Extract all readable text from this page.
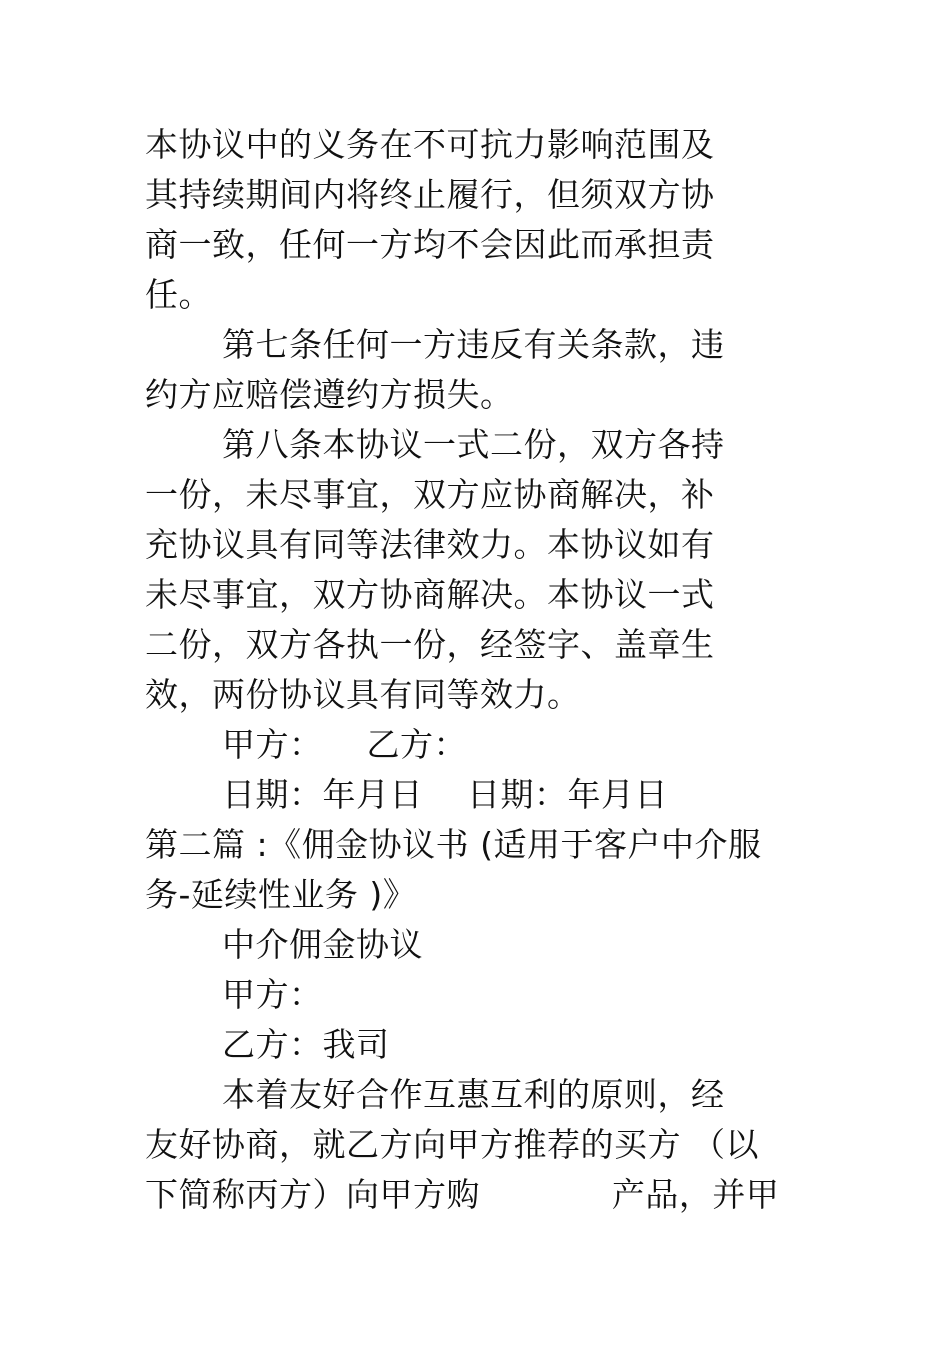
本协议中的义务在不可抗力影响范围及
其持续期间内将终止履行，但须双方协
商一致，任何一方均不会因此而承担责
任。
第七条任何一方违反有关条款，违
约方应赔偿遵约方损失。
第八条本协议一式二份，双方各持
一份，未尽事宜，双方应协商解决，补
充协议具有同等法律效力。本协议如有
未尽事宜，双方协商解决。本协议一式
二份，双方各执一份，经签字、盖章生
效，两份协议具有同等效力。
甲方：    乙方：
日期：年月日    日期：年月日
第二篇 :《佣金协议书 (适用于客户中介服
务-延续性业务 )》
中介佣金协议
甲方：
乙方：我司
本着友好合作互惠互利的原则，经
友好协商，就乙方向甲方推荐的买方 （以
下简称丙方）向甲方购            产品，并甲
